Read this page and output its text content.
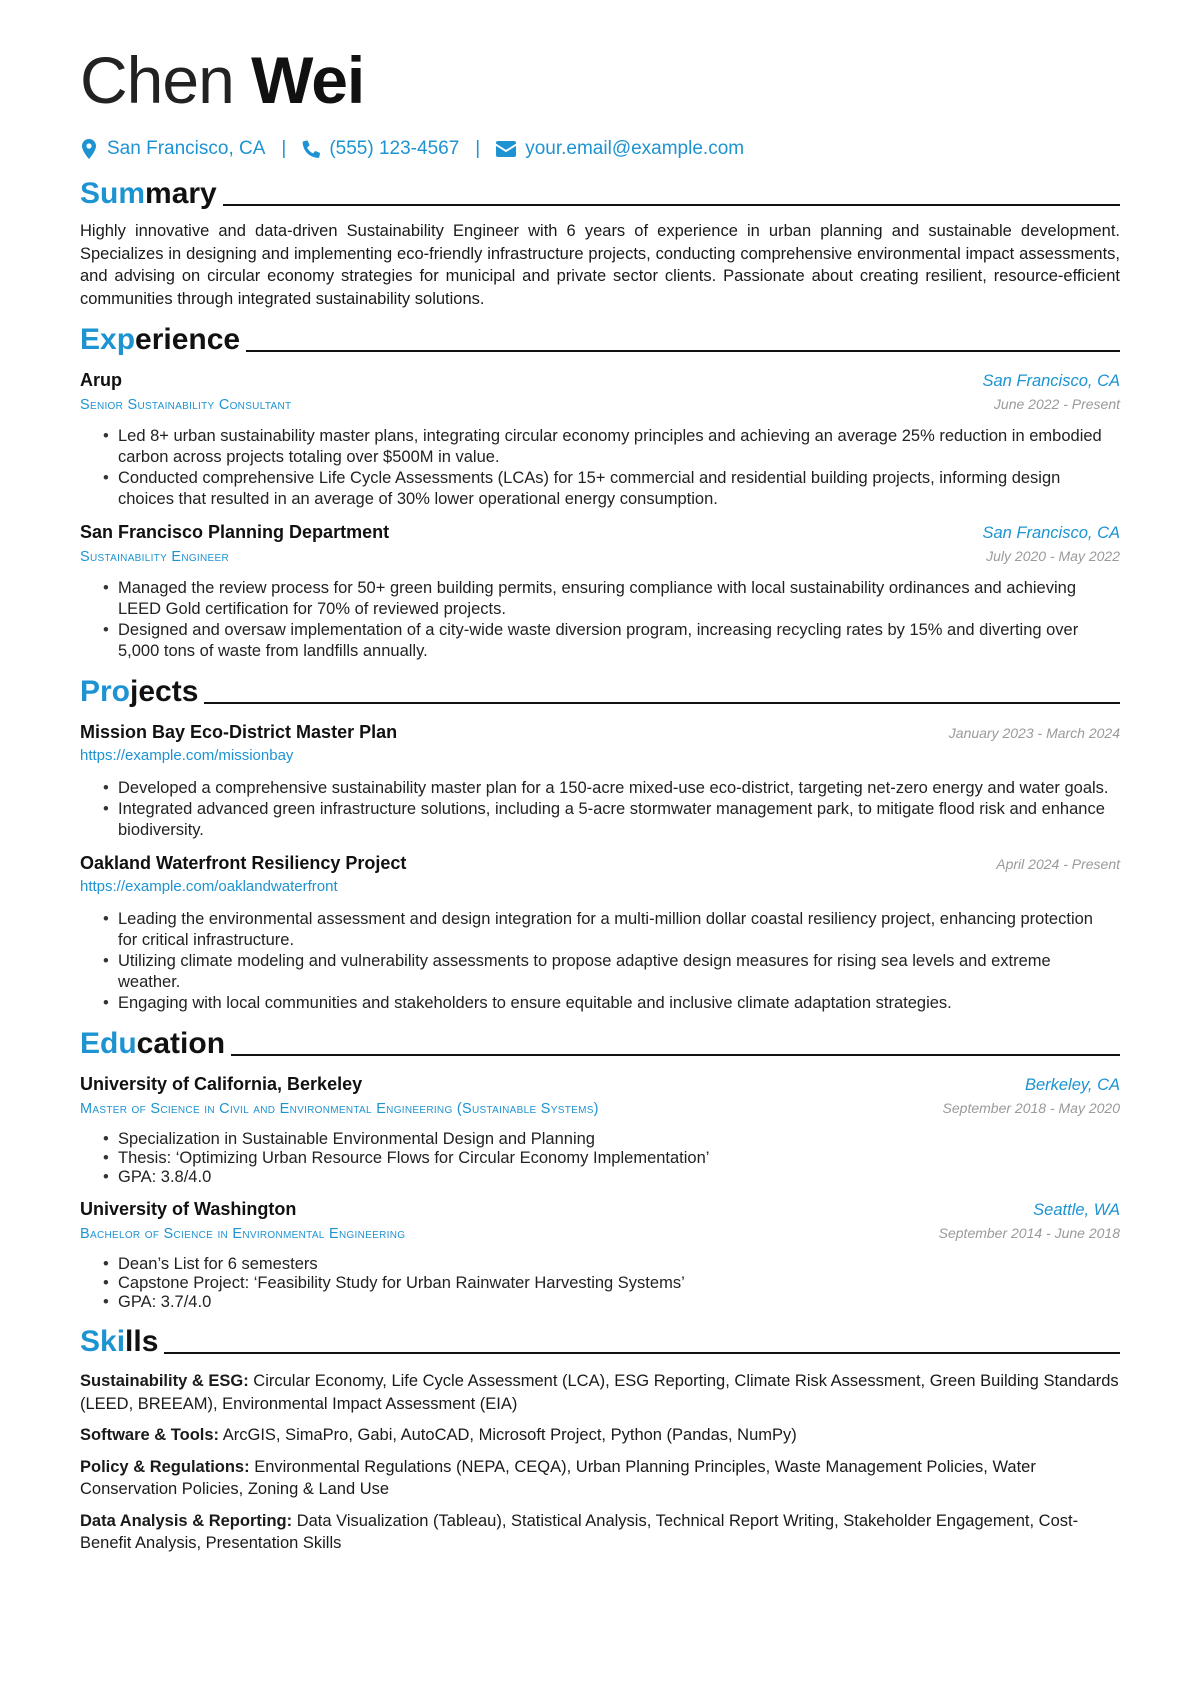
Chen Wei
San Francisco, CA | (555) 123-4567 | your.email@example.com
Summary

Highly innovative and data-driven Sustainability Engineer with 6 years of experience in urban planning and sustainable development. Specializes in designing and implementing eco-friendly infrastructure projects, conducting comprehensive environmental impact assessments, and advising on circular economy strategies for municipal and private sector clients. Passionate about creating resilient, resource-efficient communities through integrated sustainability solutions.

Experience
Arup	San Francisco, CA
Senior Sustainability Consultant	June 2022 - Present
• Led 8+ urban sustainability master plans, integrating circular economy principles and achieving an average 25% reduction in embodied carbon across projects totaling over $500M in value.
• Conducted comprehensive Life Cycle Assessments (LCAs) for 15+ commercial and residential building projects, informing design choices that resulted in an average of 30% lower operational energy consumption.
San Francisco Planning Department	San Francisco, CA
Sustainability Engineer	July 2020 - May 2022
• Managed the review process for 50+ green building permits, ensuring compliance with local sustainability ordinances and achieving LEED Gold certification for 70% of reviewed projects.
• Designed and oversaw implementation of a city-wide waste diversion program, increasing recycling rates by 15% and diverting over 5,000 tons of waste from landfills annually.
Projects
Mission Bay Eco-District Master Plan	January 2023 - March 2024
https://example.com/missionbay
• Developed a comprehensive sustainability master plan for a 150-acre mixed-use eco-district, targeting net-zero energy and water goals.
• Integrated advanced green infrastructure solutions, including a 5-acre stormwater management park, to mitigate flood risk and enhance biodiversity.
Oakland Waterfront Resiliency Project	April 2024 - Present
https://example.com/oaklandwaterfront
• Leading the environmental assessment and design integration for a multi-million dollar coastal resiliency project, enhancing protection for critical infrastructure.
• Utilizing climate modeling and vulnerability assessments to propose adaptive design measures for rising sea levels and extreme weather.
• Engaging with local communities and stakeholders to ensure equitable and inclusive climate adaptation strategies.
Education
University of California, Berkeley	Berkeley, CA
Master of Science in Civil and Environmental Engineering (Sustainable Systems)	September 2018 - May 2020
• Specialization in Sustainable Environmental Design and Planning
• Thesis: ‘Optimizing Urban Resource Flows for Circular Economy Implementation’
• GPA: 3.8/4.0
University of Washington	Seattle, WA
Bachelor of Science in Environmental Engineering	September 2014 - June 2018
• Dean’s List for 6 semesters
• Capstone Project: ‘Feasibility Study for Urban Rainwater Harvesting Systems’
• GPA: 3.7/4.0
Skills

Sustainability & ESG: Circular Economy, Life Cycle Assessment (LCA), ESG Reporting, Climate Risk Assessment, Green Building Standards (LEED, BREEAM), Environmental Impact Assessment (EIA)

Software & Tools: ArcGIS, SimaPro, Gabi, AutoCAD, Microsoft Project, Python (Pandas, NumPy)

Policy & Regulations: Environmental Regulations (NEPA, CEQA), Urban Planning Principles, Waste Management Policies, Water Conservation Policies, Zoning & Land Use

Data Analysis & Reporting: Data Visualization (Tableau), Statistical Analysis, Technical Report Writing, Stakeholder Engagement, Cost-Benefit Analysis, Presentation Skills
